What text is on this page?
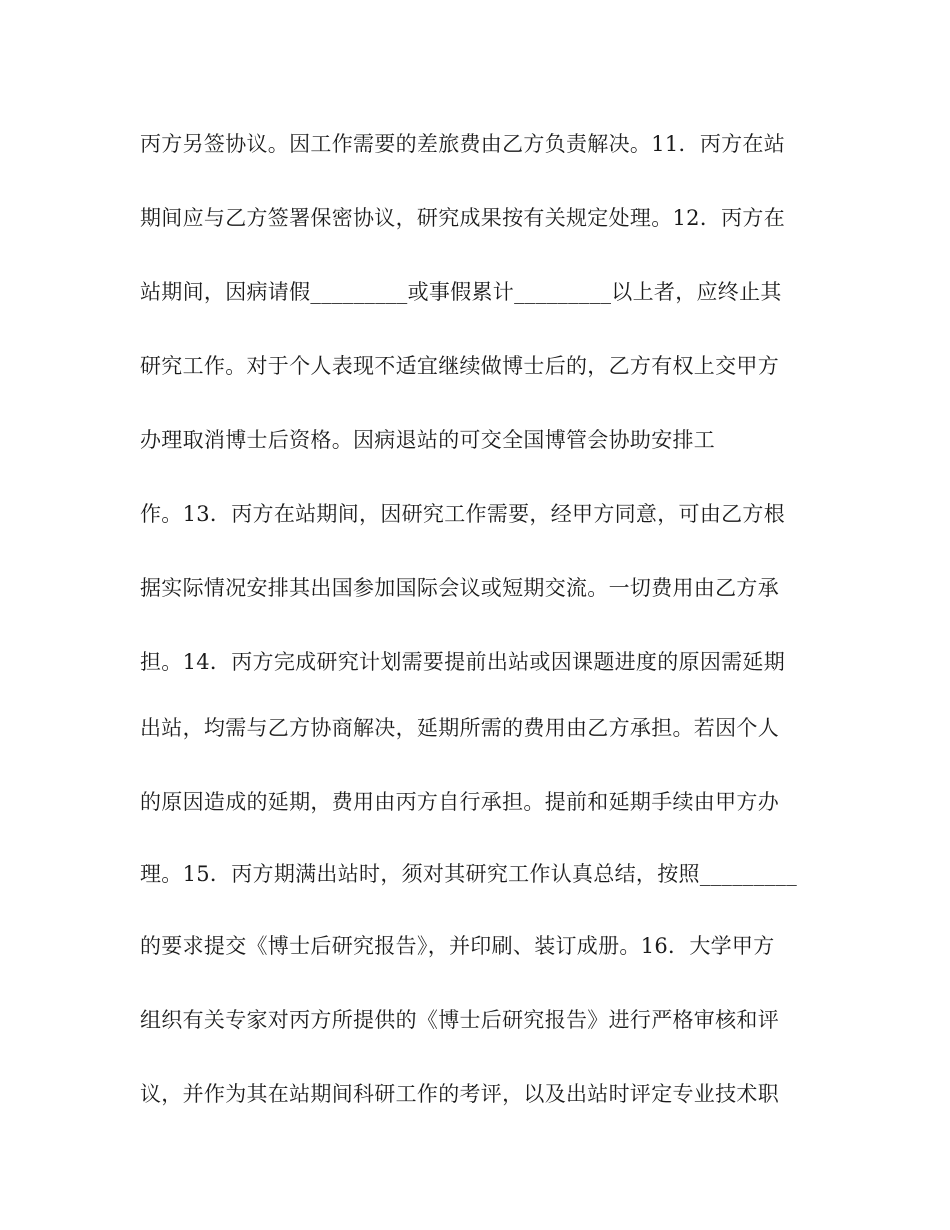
丙方另签协议。因工作需要的差旅费由乙方负责解决。11．丙方在站
期间应与乙方签署保密协议，研究成果按有关规定处理。12．丙方在
站期间，因病请假_________或事假累计_________以上者，应终止其
研究工作。对于个人表现不适宜继续做博士后的，乙方有权上交甲方
办理取消博士后资格。因病退站的可交全国博管会协助安排工
作。13．丙方在站期间，因研究工作需要，经甲方同意，可由乙方根
据实际情况安排其出国参加国际会议或短期交流。一切费用由乙方承
担。14．丙方完成研究计划需要提前出站或因课题进度的原因需延期
出站，均需与乙方协商解决，延期所需的费用由乙方承担。若因个人
的原因造成的延期，费用由丙方自行承担。提前和延期手续由甲方办
理。15．丙方期满出站时，须对其研究工作认真总结，按照_________
的要求提交《博士后研究报告》，并印刷、装订成册。16．大学甲方
组织有关专家对丙方所提供的《博士后研究报告》进行严格审核和评
议，并作为其在站期间科研工作的考评，以及出站时评定专业技术职
